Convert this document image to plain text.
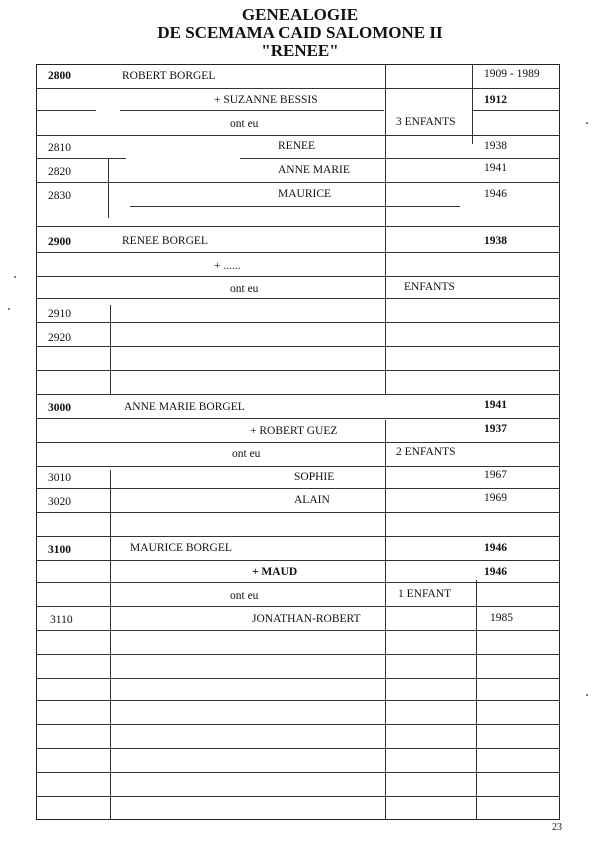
GENEALOGIE
DE SCEMAMA CAID SALOMONE II
"RENEE"
2800	ROBERT BORGEL	1909 - 1989
+ SUZANNE BESSIS	1912
ont eu	3 ENFANTS
2810	RENEE	1938
2820	ANNE MARIE	1941
2830	MAURICE	1946
2900	RENEE BORGEL	1938
+ ......
ont eu	ENFANTS
2910
2920
3000	ANNE MARIE BORGEL	1941
+ ROBERT GUEZ	1937
ont eu	2 ENFANTS
3010	SOPHIE	1967
3020	ALAIN	1969
3100	MAURICE BORGEL	1946
+ MAUD	1946
ont eu	1 ENFANT
3110	JONATHAN-ROBERT	1985
23
